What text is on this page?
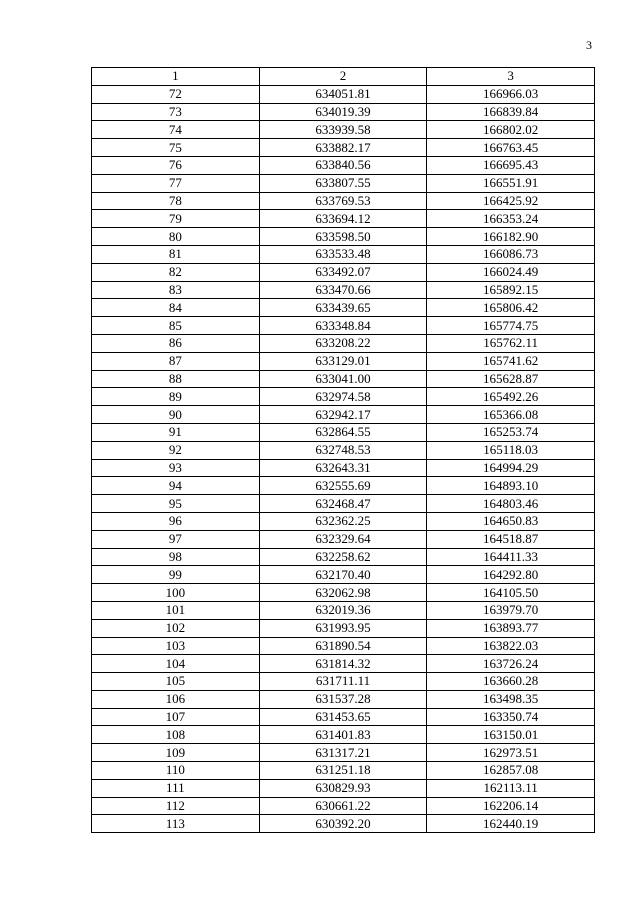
3
1	2	3
72	634051.81	166966.03
73	634019.39	166839.84
74	633939.58	166802.02
75	633882.17	166763.45
76	633840.56	166695.43
77	633807.55	166551.91
78	633769.53	166425.92
79	633694.12	166353.24
80	633598.50	166182.90
81	633533.48	166086.73
82	633492.07	166024.49
83	633470.66	165892.15
84	633439.65	165806.42
85	633348.84	165774.75
86	633208.22	165762.11
87	633129.01	165741.62
88	633041.00	165628.87
89	632974.58	165492.26
90	632942.17	165366.08
91	632864.55	165253.74
92	632748.53	165118.03
93	632643.31	164994.29
94	632555.69	164893.10
95	632468.47	164803.46
96	632362.25	164650.83
97	632329.64	164518.87
98	632258.62	164411.33
99	632170.40	164292.80
100	632062.98	164105.50
101	632019.36	163979.70
102	631993.95	163893.77
103	631890.54	163822.03
104	631814.32	163726.24
105	631711.11	163660.28
106	631537.28	163498.35
107	631453.65	163350.74
108	631401.83	163150.01
109	631317.21	162973.51
110	631251.18	162857.08
111	630829.93	162113.11
112	630661.22	162206.14
113	630392.20	162440.19
